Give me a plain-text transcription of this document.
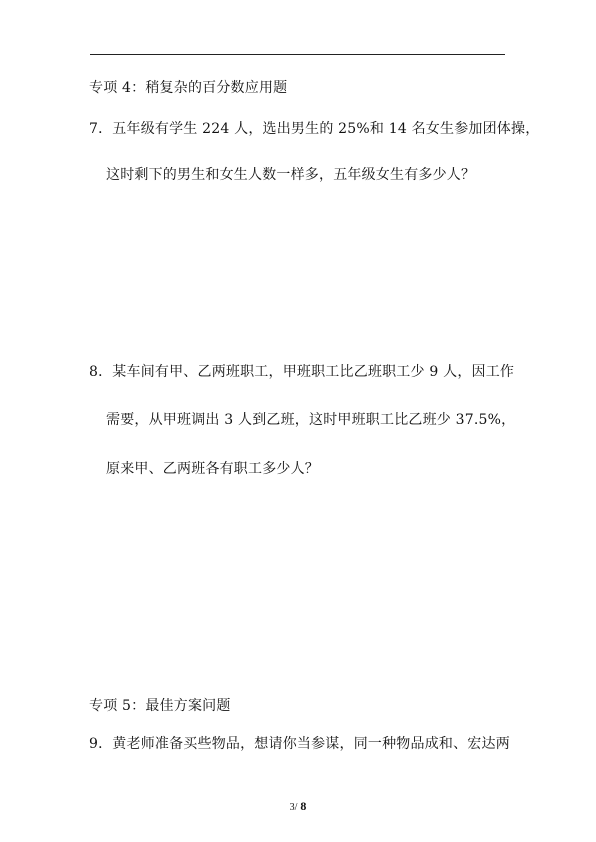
专项 4：稍复杂的百分数应用题
7．五年级有学生 224 人，选出男生的 25%和 14 名女生参加团体操，
这时剩下的男生和女生人数一样多，五年级女生有多少人？
8．某车间有甲、乙两班职工，甲班职工比乙班职工少 9 人，因工作
需要，从甲班调出 3 人到乙班，这时甲班职工比乙班少 37.5%，
原来甲、乙两班各有职工多少人？
专项 5：最佳方案问题
9．黄老师准备买些物品，想请你当参谋，同一种物品成和、宏达两
3/ 8
